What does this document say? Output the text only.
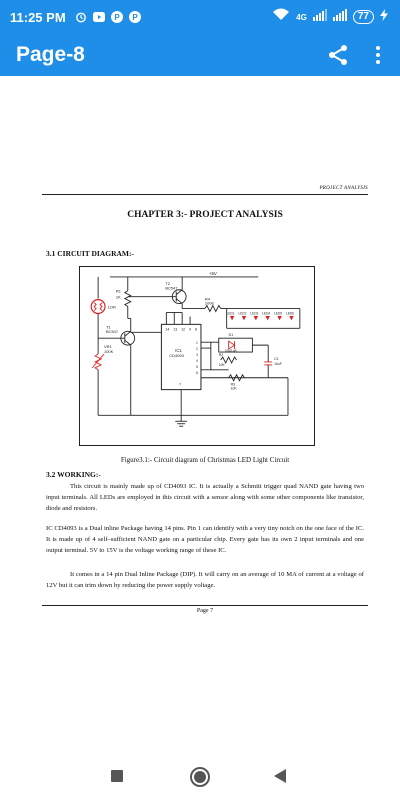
11:25 PM	P P	4G	77
Page-8
PROJECT ANALYSIS
CHAPTER 3:- PROJECT ANALYSIS
3.1 CIRCUIT DIAGRAM:-
+5V
R1
1K
LDR
T1
BC547
VR1
100K
T2
BC547
R4
100E
LED1 LED2 LED3 LED4 LED5 LED6
14 13 12 9 8
IC1
CD4093
1
2
3
4
5
6
7
D1
1N4148
R2
10K
C1
10uF
R3
10K
Figure3.1:- Circuit diagram of Christmas LED Light Circuit
3.2 WORKING:-
This circuit is mainly made up of CD4093 IC. It is actually a Schmitt trigger quad NAND gate having two input terminals. All LEDs are employed in this circuit with a sensor along with some other components like transistor, diode and resistors.
IC CD4093 is a Dual inline Package having 14 pins. Pin 1 can identify with a very tiny notch on the one face of the IC. It is made up of 4 self–sufficient NAND gate on a particular chip. Every gate has its own 2 input terminals and one output terminal. 5V to 15V is the voltage working range of these IC.
It comes in a 14 pin Dual Inline Package (DIP). It will carry on an average of 10 MA of current at a voltage of 12V but it can trim down by reducing the power supply voltage.
Page 7
